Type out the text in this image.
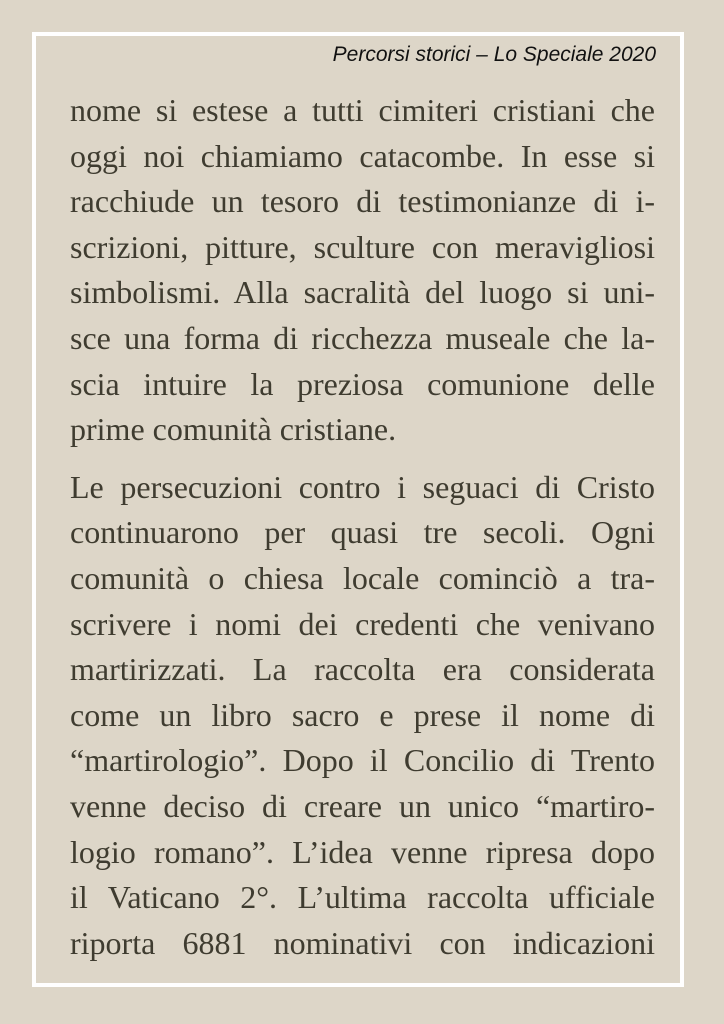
Percorsi storici – Lo Speciale 2020

nome si estese a tutti cimiteri cristiani che
oggi noi chiamiamo catacombe. In esse si
racchiude un tesoro di testimonianze di i-
scrizioni, pitture, sculture con meravigliosi
simbolismi. Alla sacralità del luogo si uni-
sce una forma di ricchezza museale che la-
scia intuire la preziosa comunione delle
prime comunità cristiane.

Le persecuzioni contro i seguaci di Cristo
continuarono per quasi tre secoli. Ogni
comunità o chiesa locale cominciò a tra-
scrivere i nomi dei credenti che venivano
martirizzati. La raccolta era considerata
come un libro sacro e prese il nome di
“martirologio”. Dopo il Concilio di Trento
venne deciso di creare un unico “martiro-
logio romano”. L’idea venne ripresa dopo
il Vaticano 2°. L’ultima raccolta ufficiale
riporta 6881 nominativi con indicazioni
